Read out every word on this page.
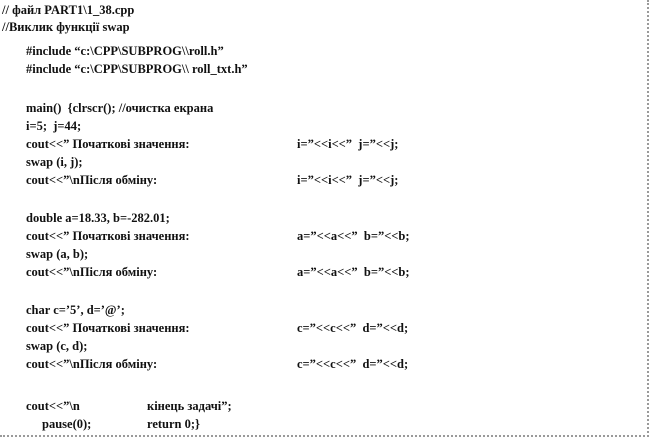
// файл PART1\1_38.cpp
//Виклик функції swap
#include “c:\CPP\SUBPROG\\roll.h”
#include “c:\CPP\SUBPROG\\ roll_txt.h”
main()  {clrscr(); //очистка екрана
i=5;  j=44;
cout<<” Початкові значення:	i=”<<i<<”  j=”<<j;
swap (i, j);
cout<<”\nПісля обміну:	i=”<<i<<”  j=”<<j;
double a=18.33, b=-282.01;
cout<<” Початкові значення:	a=”<<a<<”  b=”<<b;
swap (a, b);
cout<<”\nПісля обміну:	a=”<<a<<”  b=”<<b;
char c=’5’, d=’@’;
cout<<” Початкові значення:	c=”<<c<<”  d=”<<d;
swap (c, d);
cout<<”\nПісля обміну:	c=”<<c<<”  d=”<<d;
cout<<”\n	кінець задачі”;
pause(0);	return 0;}
